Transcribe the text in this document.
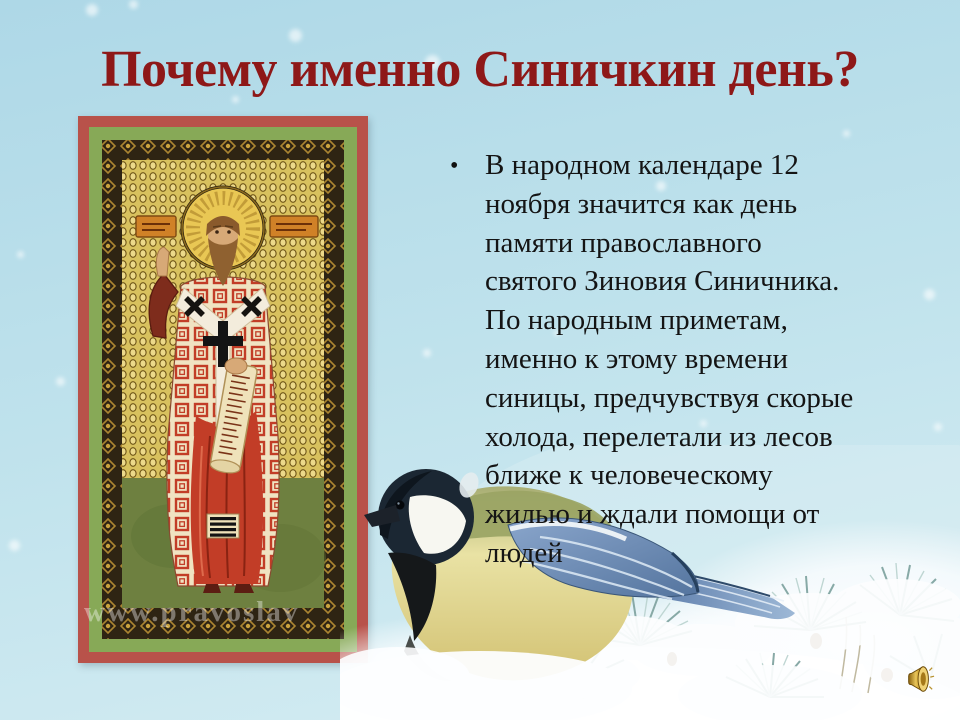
Почему именно Синичкин день?
www.pravoslav
• В народном календаре 12
ноября значится как день
памяти православного
святого Зиновия Синичника.
По народным приметам,
именно к этому времени
синицы, предчувствуя скорые
холода, перелетали из лесов
ближе к человеческому
жилью и ждали помощи от
людей
